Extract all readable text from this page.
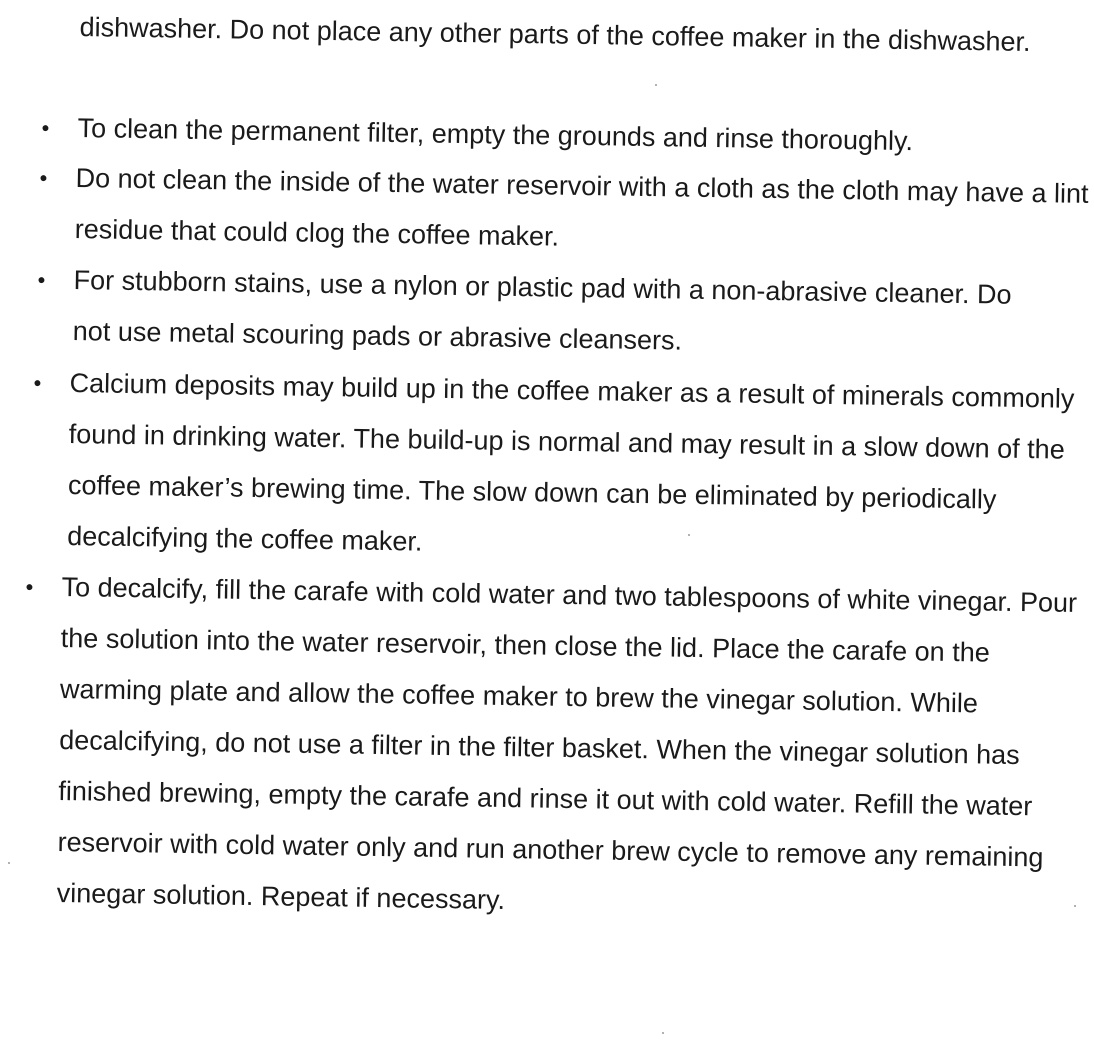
dishwasher. Do not place any other parts of the coffee maker in the dishwasher.

• To clean the permanent filter, empty the grounds and rinse thoroughly.
• Do not clean the inside of the water reservoir with a cloth as the cloth may have a lint residue that could clog the coffee maker.
• For stubborn stains, use a nylon or plastic pad with a non-abrasive cleaner. Do not use metal scouring pads or abrasive cleansers.
• Calcium deposits may build up in the coffee maker as a result of minerals commonly found in drinking water. The build-up is normal and may result in a slow down of the coffee maker’s brewing time. The slow down can be eliminated by periodically decalcifying the coffee maker.
• To decalcify, fill the carafe with cold water and two tablespoons of white vinegar. Pour the solution into the water reservoir, then close the lid. Place the carafe on the warming plate and allow the coffee maker to brew the vinegar solution. While decalcifying, do not use a filter in the filter basket. When the vinegar solution has finished brewing, empty the carafe and rinse it out with cold water. Refill the water reservoir with cold water only and run another brew cycle to remove any remaining vinegar solution. Repeat if necessary.
